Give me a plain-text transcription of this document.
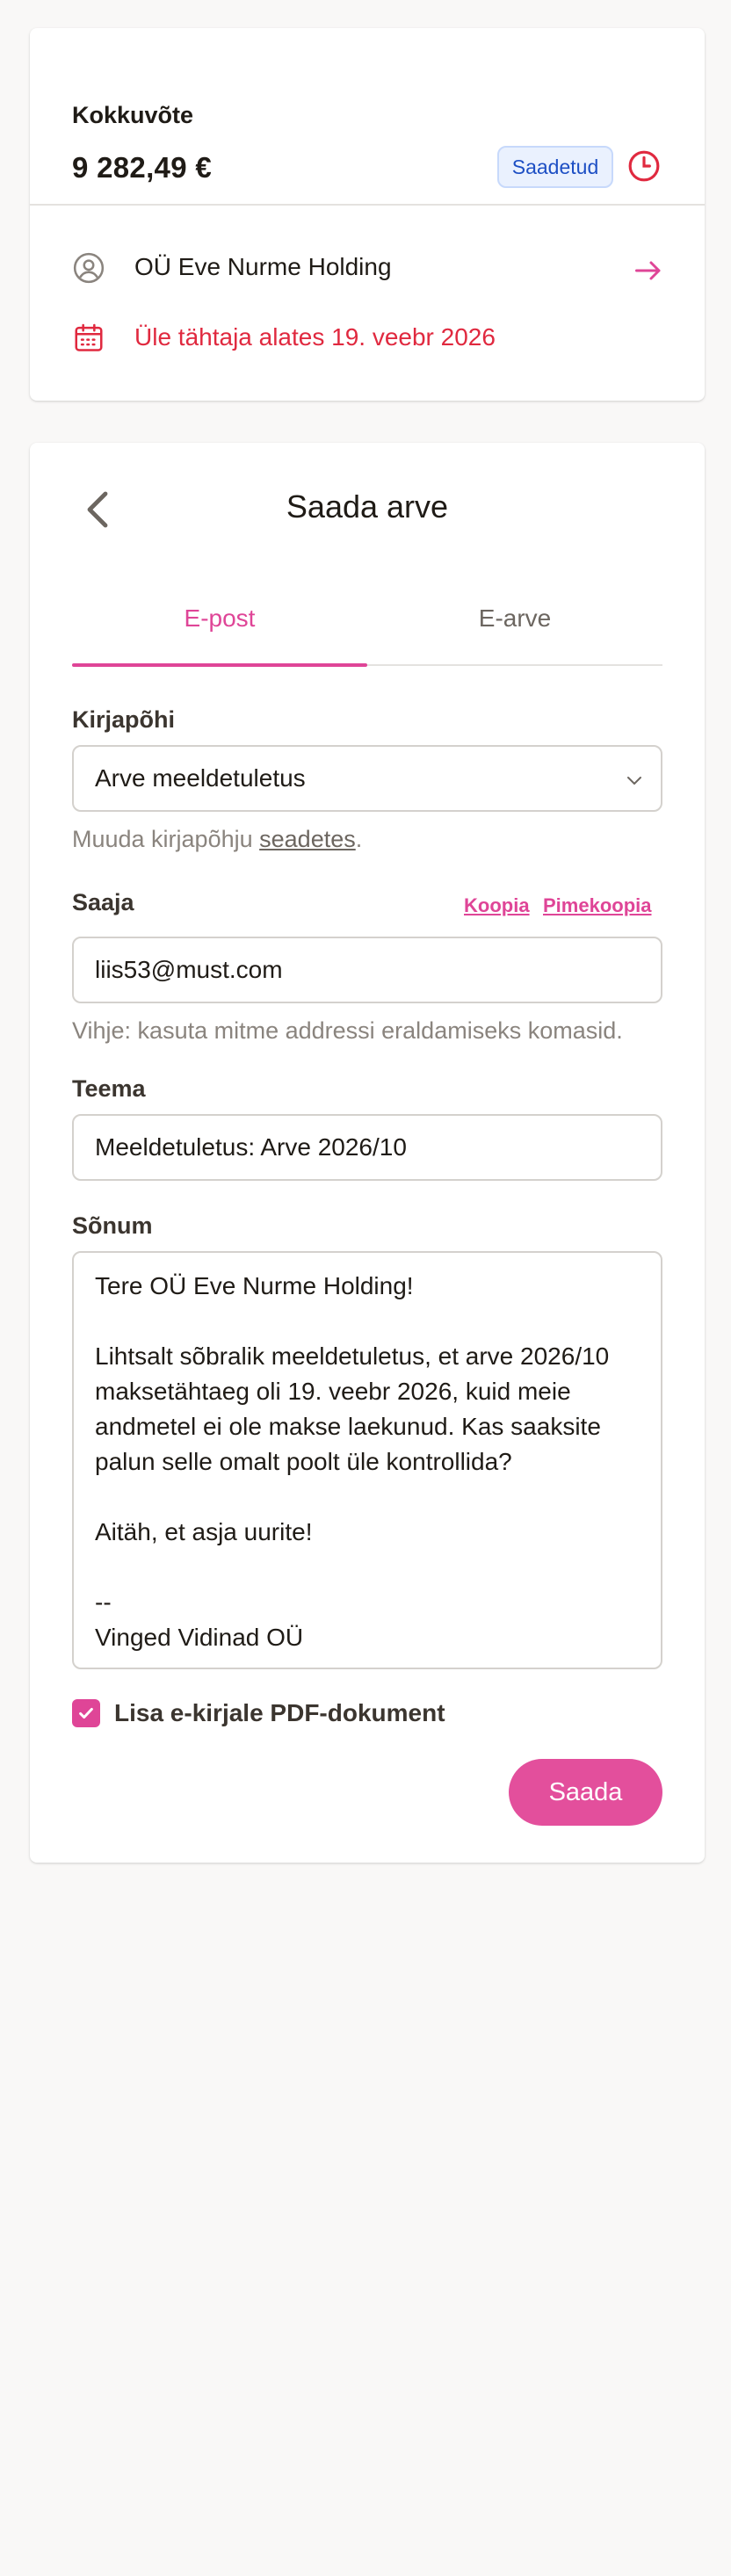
Kokkuvõte
9 282,49 €	Saadetud
OÜ Eve Nurme Holding
Üle tähtaja alates 19. veebr 2026
Saada arve
E-post	E-arve
Kirjapõhi
Arve meeldetuletus
Muuda kirjapõhju seadetes.
Saaja	Koopia Pimekoopia
liis53@must.com
Vihje: kasuta mitme addressi eraldamiseks komasid.
Teema
Meeldetuletus: Arve 2026/10
Sõnum
Tere OÜ Eve Nurme Holding!

Lihtsalt sõbralik meeldetuletus, et arve 2026/10
maksetähtaeg oli 19. veebr 2026, kuid meie
andmetel ei ole makse laekunud. Kas saaksite
palun selle omalt poolt üle kontrollida?

Aitäh, et asja uurite!

--
Vinged Vidinad OÜ
Lisa e-kirjale PDF-dokument
Saada
